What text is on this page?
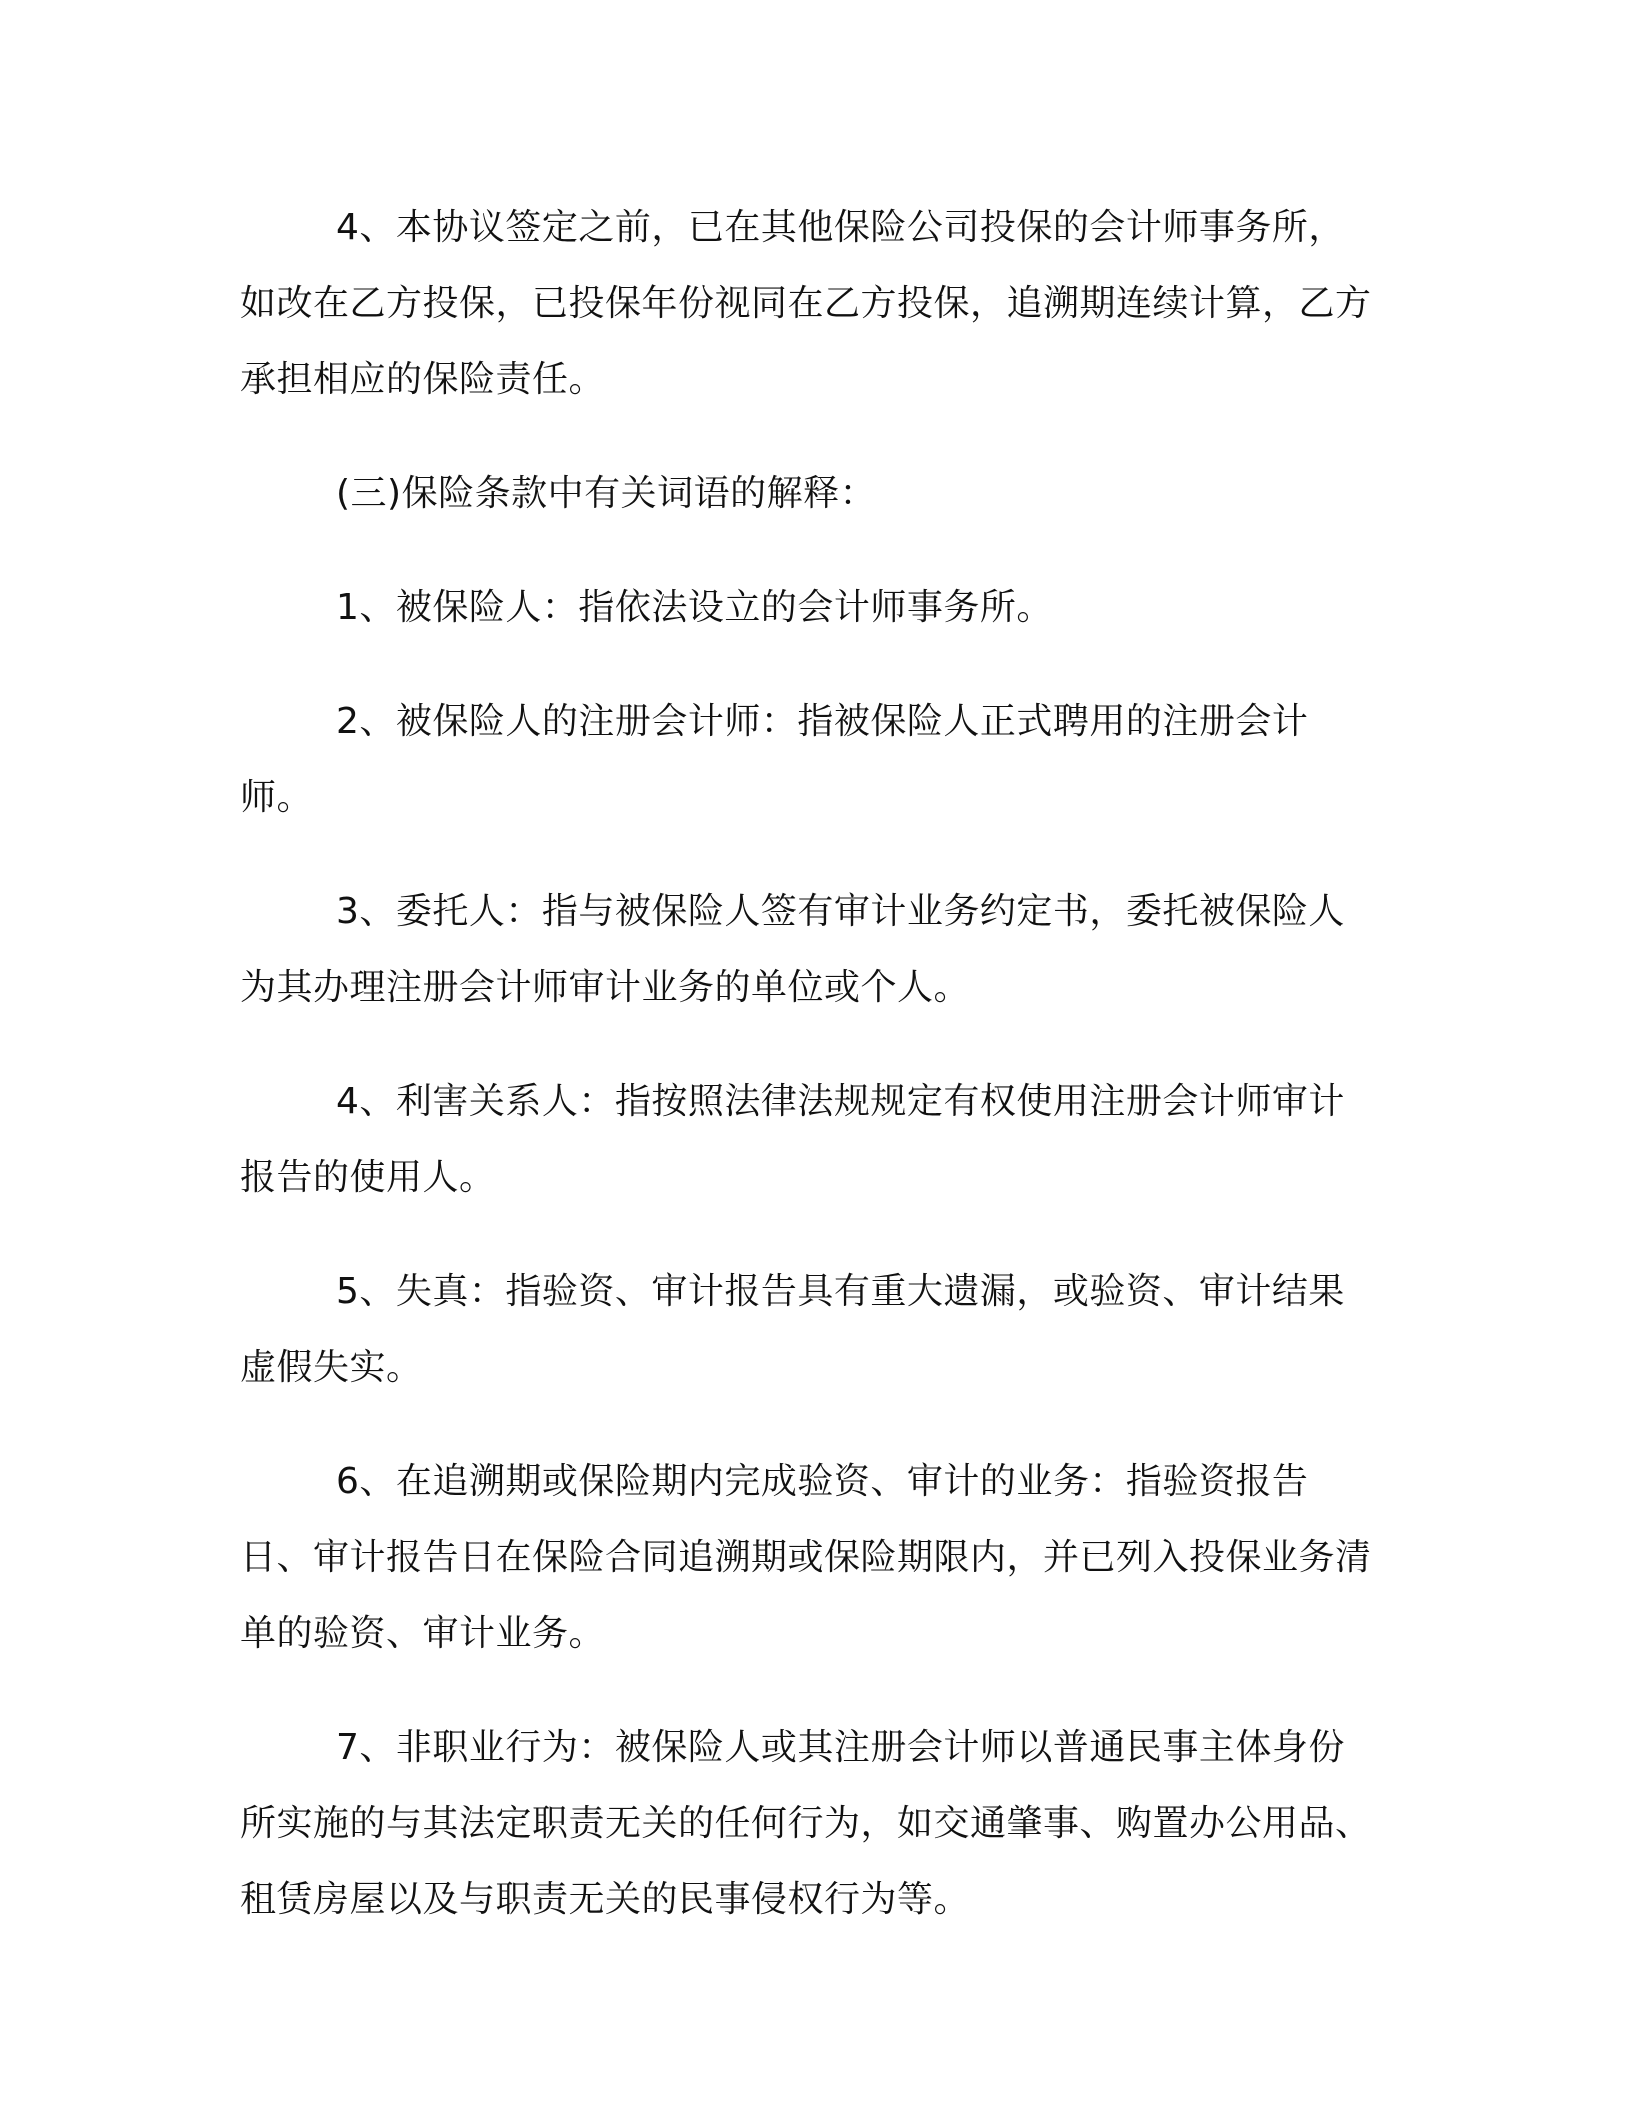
4、本协议签定之前，已在其他保险公司投保的会计师事务所，如改在乙方投保，已投保年份视同在乙方投保，追溯期连续计算，乙方承担相应的保险责任。

(三)保险条款中有关词语的解释：

1、被保险人：指依法设立的会计师事务所。

2、被保险人的注册会计师：指被保险人正式聘用的注册会计师。

3、委托人：指与被保险人签有审计业务约定书，委托被保险人为其办理注册会计师审计业务的单位或个人。

4、利害关系人：指按照法律法规规定有权使用注册会计师审计报告的使用人。

5、失真：指验资、审计报告具有重大遗漏，或验资、审计结果虚假失实。

6、在追溯期或保险期内完成验资、审计的业务：指验资报告日、审计报告日在保险合同追溯期或保险期限内，并已列入投保业务清单的验资、审计业务。

7、非职业行为：被保险人或其注册会计师以普通民事主体身份所实施的与其法定职责无关的任何行为，如交通肇事、购置办公用品、租赁房屋以及与职责无关的民事侵权行为等。
